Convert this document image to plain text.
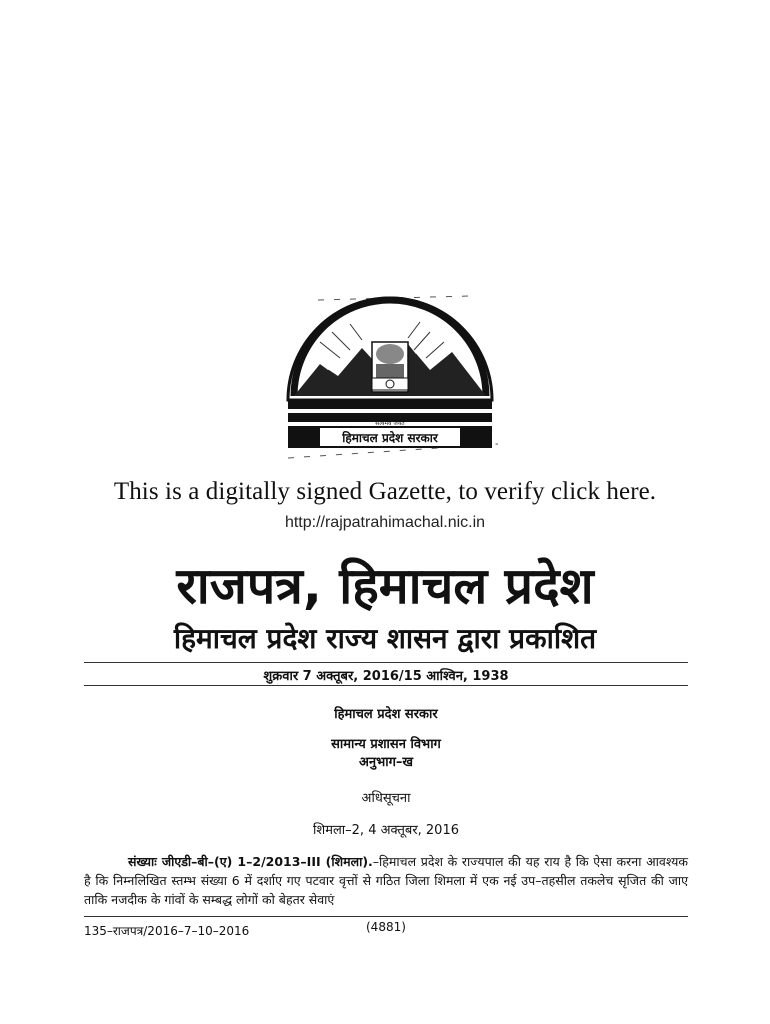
सत्यमेव जयते
हिमाचल प्रदेश सरकार
This is a digitally signed Gazette, to verify click here.
http://rajpatrahimachal.nic.in
राजपत्र, हिमाचल प्रदेश
हिमाचल प्रदेश राज्य शासन द्वारा प्रकाशित
शुक्रवार 7 अक्तूबर, 2016/15 आश्विन, 1938
हिमाचल प्रदेश सरकार
सामान्य प्रशासन विभाग
अनुभाग–ख
अधिसूचना
शिमला–2, 4 अक्तूबर, 2016
संख्याः जीएडी–बी–(ए) 1–2/2013–III (शिमला).–हिमाचल प्रदेश के राज्यपाल की यह राय है कि ऐसा करना आवश्यक है कि निम्नलिखित स्तम्भ संख्या 6 में दर्शाए गए पटवार वृत्तों से गठित जिला शिमला में एक नई उप–तहसील तकलेच सृजित की जाए ताकि नजदीक के गांवों के सम्बद्ध लोगों को बेहतर सेवाएं
135–राजपत्र/2016–7–10–2016	(4881)
